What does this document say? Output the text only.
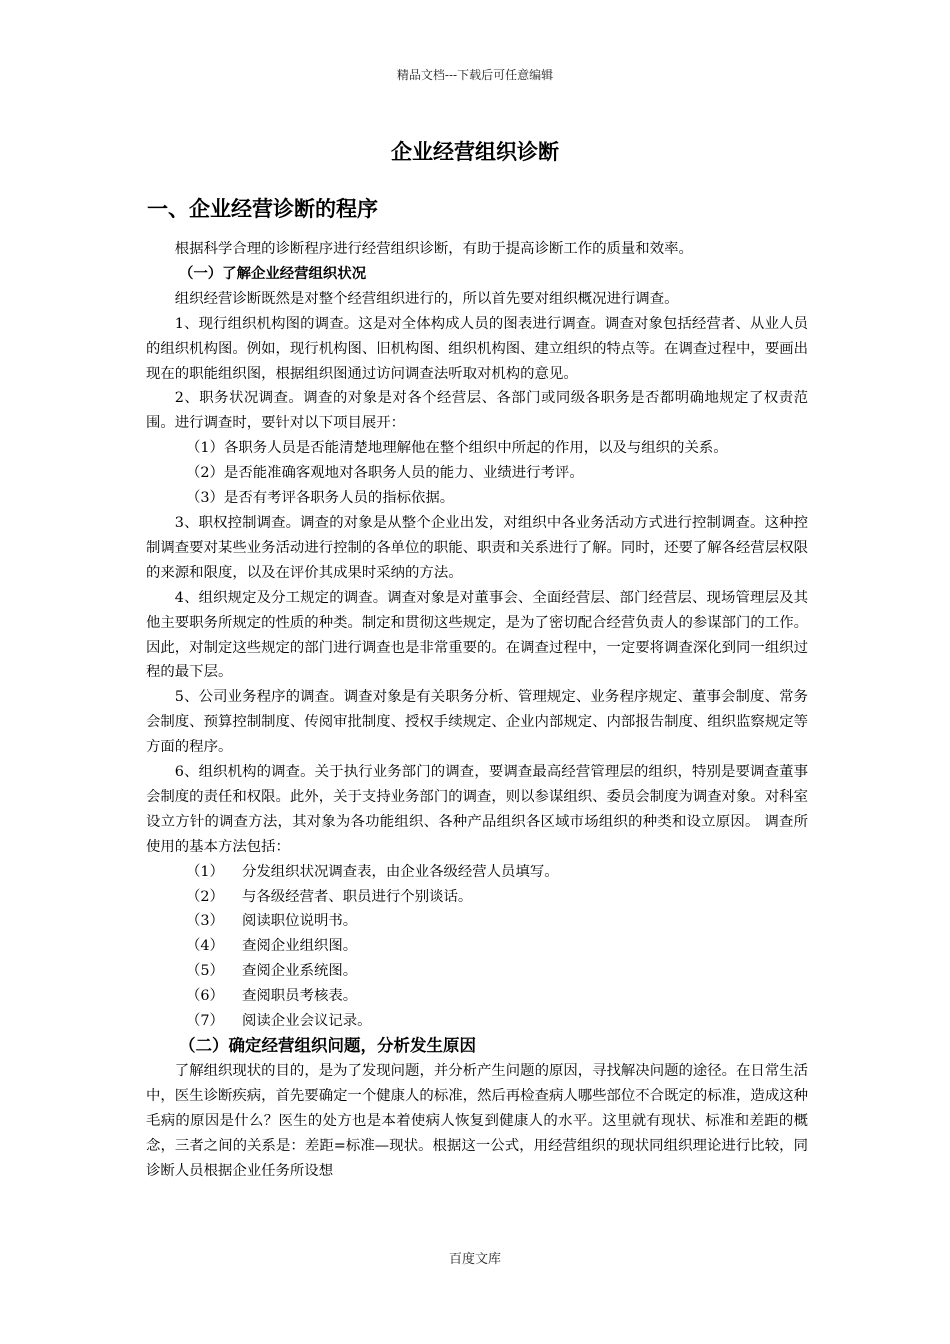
精品文档---下载后可任意编辑
企业经营组织诊断
一、企业经营诊断的程序

根据科学合理的诊断程序进行经营组织诊断，有助于提高诊断工作的质量和效率。

（一）了解企业经营组织状况

组织经营诊断既然是对整个经营组织进行的，所以首先要对组织概况进行调查。

1、现行组织机构图的调查。这是对全体构成人员的图表进行调查。调查对象包括经营者、从业人员的组织机构图。例如，现行机构图、旧机构图、组织机构图、建立组织的特点等。在调查过程中，要画出现在的职能组织图，根据组织图通过访问调查法听取对机构的意见。

2、职务状况调查。调查的对象是对各个经营层、各部门或同级各职务是否都明确地规定了权责范围。进行调查时，要针对以下项目展开：

（1）各职务人员是否能清楚地理解他在整个组织中所起的作用，以及与组织的关系。

（2）是否能准确客观地对各职务人员的能力、业绩进行考评。

（3）是否有考评各职务人员的指标依据。

3、职权控制调查。调查的对象是从整个企业出发，对组织中各业务活动方式进行控制调查。这种控制调查要对某些业务活动进行控制的各单位的职能、职责和关系进行了解。同时，还要了解各经营层权限的来源和限度，以及在评价其成果时采纳的方法。

4、组织规定及分工规定的调查。调查对象是对董事会、全面经营层、部门经营层、现场管理层及其他主要职务所规定的性质的种类。制定和贯彻这些规定，是为了密切配合经营负责人的参谋部门的工作。因此，对制定这些规定的部门进行调查也是非常重要的。在调查过程中，一定要将调查深化到同一组织过程的最下层。

5、公司业务程序的调查。调查对象是有关职务分析、管理规定、业务程序规定、董事会制度、常务会制度、预算控制制度、传阅审批制度、授权手续规定、企业内部规定、内部报告制度、组织监察规定等方面的程序。

6、组织机构的调查。关于执行业务部门的调查，要调查最高经营管理层的组织，特别是要调查董事会制度的责任和权限。此外，关于支持业务部门的调查，则以参谋组织、委员会制度为调查对象。对科室设立方针的调查方法，其对象为各功能组织、各种产品组织各区域市场组织的种类和设立原因。 调查所使用的基本方法包括：

（1） 分发组织状况调查表，由企业各级经营人员填写。

（2） 与各级经营者、职员进行个别谈话。

（3） 阅读职位说明书。

（4） 查阅企业组织图。

（5） 查阅企业系统图。

（6） 查阅职员考核表。

（7） 阅读企业会议记录。

（二）确定经营组织问题，分析发生原因

了解组织现状的目的，是为了发现问题，并分析产生问题的原因，寻找解决问题的途径。在日常生活中，医生诊断疾病，首先要确定一个健康人的标准，然后再检查病人哪些部位不合既定的标准，造成这种毛病的原因是什么？医生的处方也是本着使病人恢复到健康人的水平。这里就有现状、标准和差距的概念，三者之间的关系是：差距=标准—现状。根据这一公式，用经营组织的现状同组织理论进行比较，同诊断人员根据企业任务所设想

百度文库
